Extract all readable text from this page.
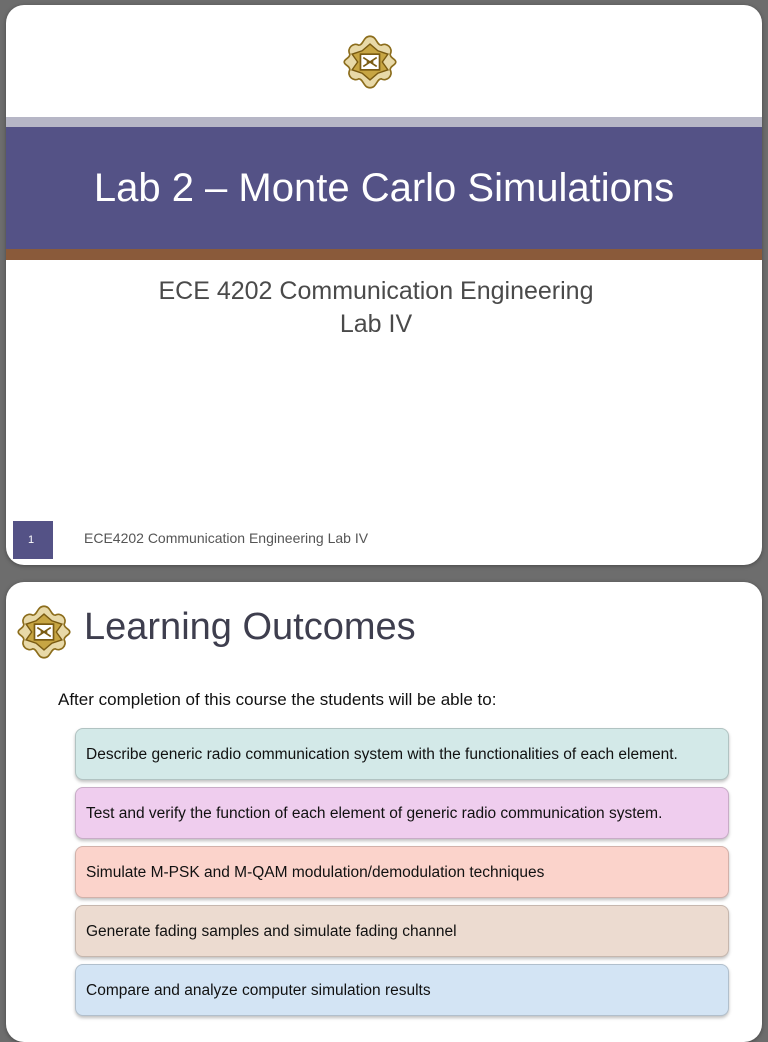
Lab 2 – Monte Carlo Simulations
ECE 4202 Communication Engineering
Lab IV
1	ECE4202 Communication Engineering Lab IV
Learning Outcomes
After completion of this course the students will be able to:
Describe generic radio communication system with the functionalities of each element.
Test and verify the function of each element of generic radio communication system.
Simulate M-PSK and M-QAM modulation/demodulation techniques
Generate fading samples and simulate fading channel
Compare and analyze computer simulation results
